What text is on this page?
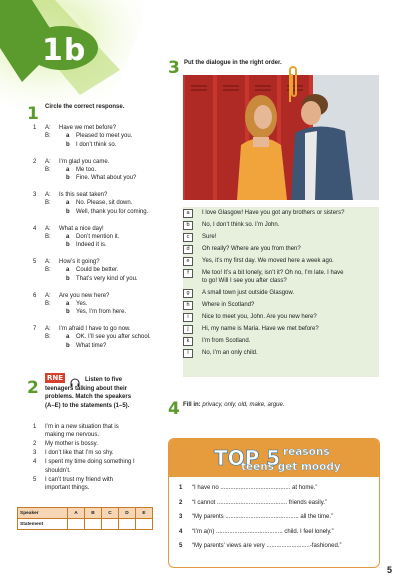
1b
1 Circle the correct response.
1 A: Have we met before?
B:	a Pleased to meet you.
b I don’t think so.
2 A: I’m glad you came.
B:	a Me too.
b Fine. What about you?
3 A: Is this seat taken?
B:	a No. Please, sit down.
b Well, thank you for coming.
4 A: What a nice day!
B:	a Don’t mention it.
b Indeed it is.
5 A: How’s it going?
B:	a Could be better.
b That’s very kind of you.
6 A: Are you new here?
B:	a Yes.
b Yes, I’m from here.
7 A: I’m afraid I have to go now.
B:	a OK. I’ll see you after school.
b What time?
2 RNE	Listen to five
teenagers talking about their
problems. Match the speakers
(A–E) to the statements (1–5).
1 I’m in a new situation that is
making me nervous.
2 My mother is bossy.
3 I don’t like that I’m so shy.
4 I spent my time doing something I
shouldn’t.
5 I can’t trust my friend with
important things.
Speaker	A	B	C	D	E
Statement					
3 Put the dialogue in the right order.
a	I love Glasgow! Have you got any brothers or sisters?
b	No, I don’t think so. I’m John.
c	Sure!
d	Oh really? Where are you from then?
e	Yes, it’s my first day. We moved here a week ago.
f	Me too! It’s a bit lonely, isn’t it? Oh no, I’m late. I have
to go! Will I see you after class?
g	A small town just outside Glasgow.
h	Where in Scotland?
i	Nice to meet you, John. Are you new here?
j	Hi, my name is Maria. Have we met before?
k	I’m from Scotland.
l	No, I’m an only child.
4 Fill in: privacy, only, old, make, argue.
TOP 5 reasons
teens get moody
1 “I have no .......................................... at home.”
2 “I cannot .......................................... friends easily.”
3 “My parents ............................................ all the time.”
4 “I’m a(n) ........................................ child. I feel lonely.”
5 “My parents’ views are very ..........................-fashioned.”
5
